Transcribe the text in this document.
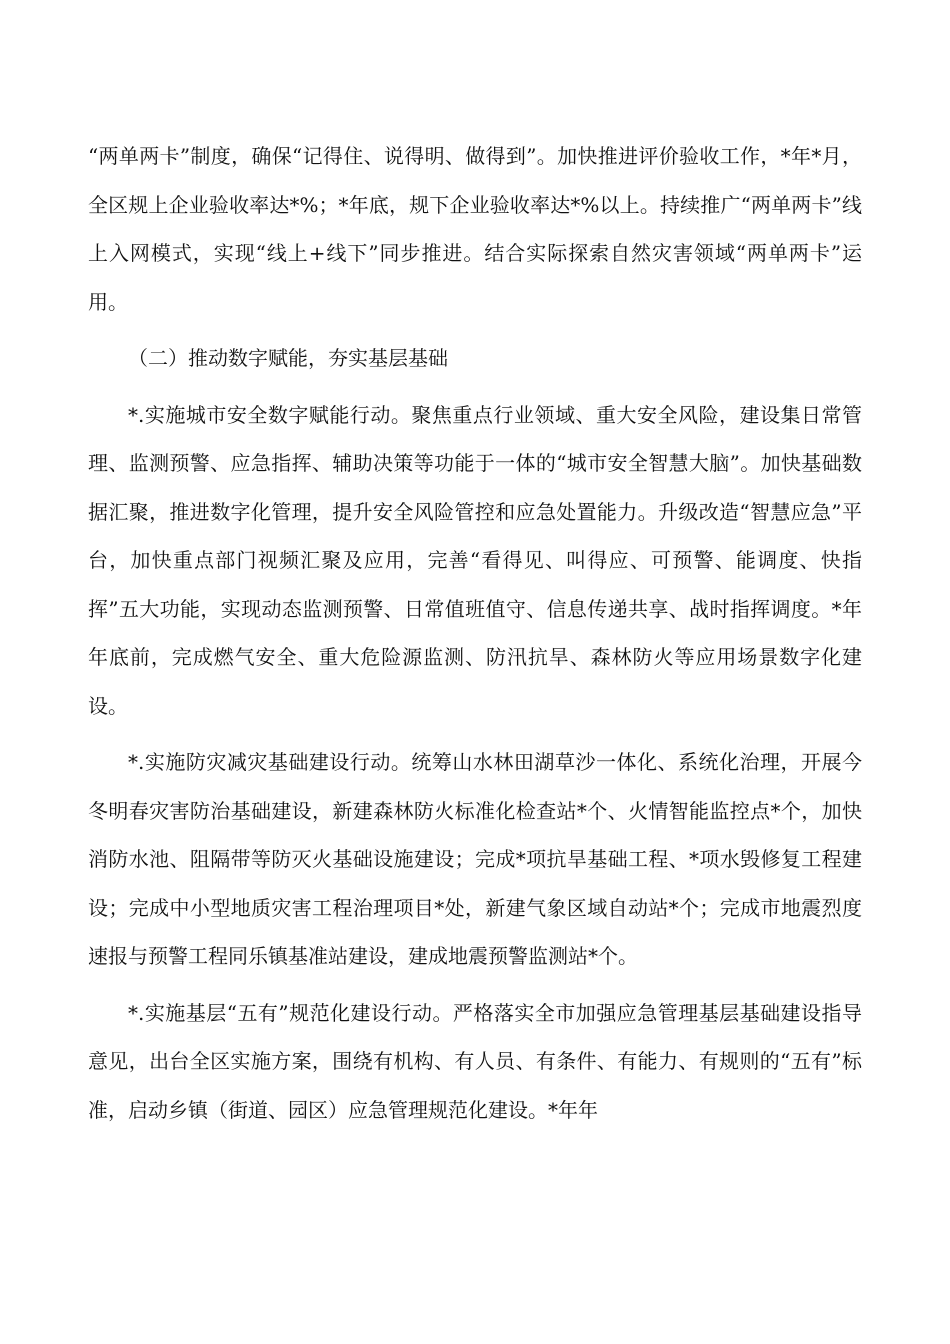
“两单两卡”制度，确保“记得住、说得明、做得到”。加快推进评价验收工作，*年*月，全区规上企业验收率达*%；*年底，规下企业验收率达*%以上。持续推广“两单两卡”线上入网模式，实现“线上+线下”同步推进。结合实际探索自然灾害领域“两单两卡”运用。

（二）推动数字赋能，夯实基层基础

*.实施城市安全数字赋能行动。聚焦重点行业领域、重大安全风险，建设集日常管理、监测预警、应急指挥、辅助决策等功能于一体的“城市安全智慧大脑”。加快基础数据汇聚，推进数字化管理，提升安全风险管控和应急处置能力。升级改造“智慧应急”平台，加快重点部门视频汇聚及应用，完善“看得见、叫得应、可预警、能调度、快指挥”五大功能，实现动态监测预警、日常值班值守、信息传递共享、战时指挥调度。*年年底前，完成燃气安全、重大危险源监测、防汛抗旱、森林防火等应用场景数字化建设。

*.实施防灾减灾基础建设行动。统筹山水林田湖草沙一体化、系统化治理，开展今冬明春灾害防治基础建设，新建森林防火标准化检查站*个、火情智能监控点*个，加快消防水池、阻隔带等防灭火基础设施建设；完成*项抗旱基础工程、*项水毁修复工程建设；完成中小型地质灾害工程治理项目*处，新建气象区域自动站*个；完成市地震烈度速报与预警工程同乐镇基准站建设，建成地震预警监测站*个。

*.实施基层“五有”规范化建设行动。严格落实全市加强应急管理基层基础建设指导意见，出台全区实施方案，围绕有机构、有人员、有条件、有能力、有规则的“五有”标准，启动乡镇（街道、园区）应急管理规范化建设。*年年
